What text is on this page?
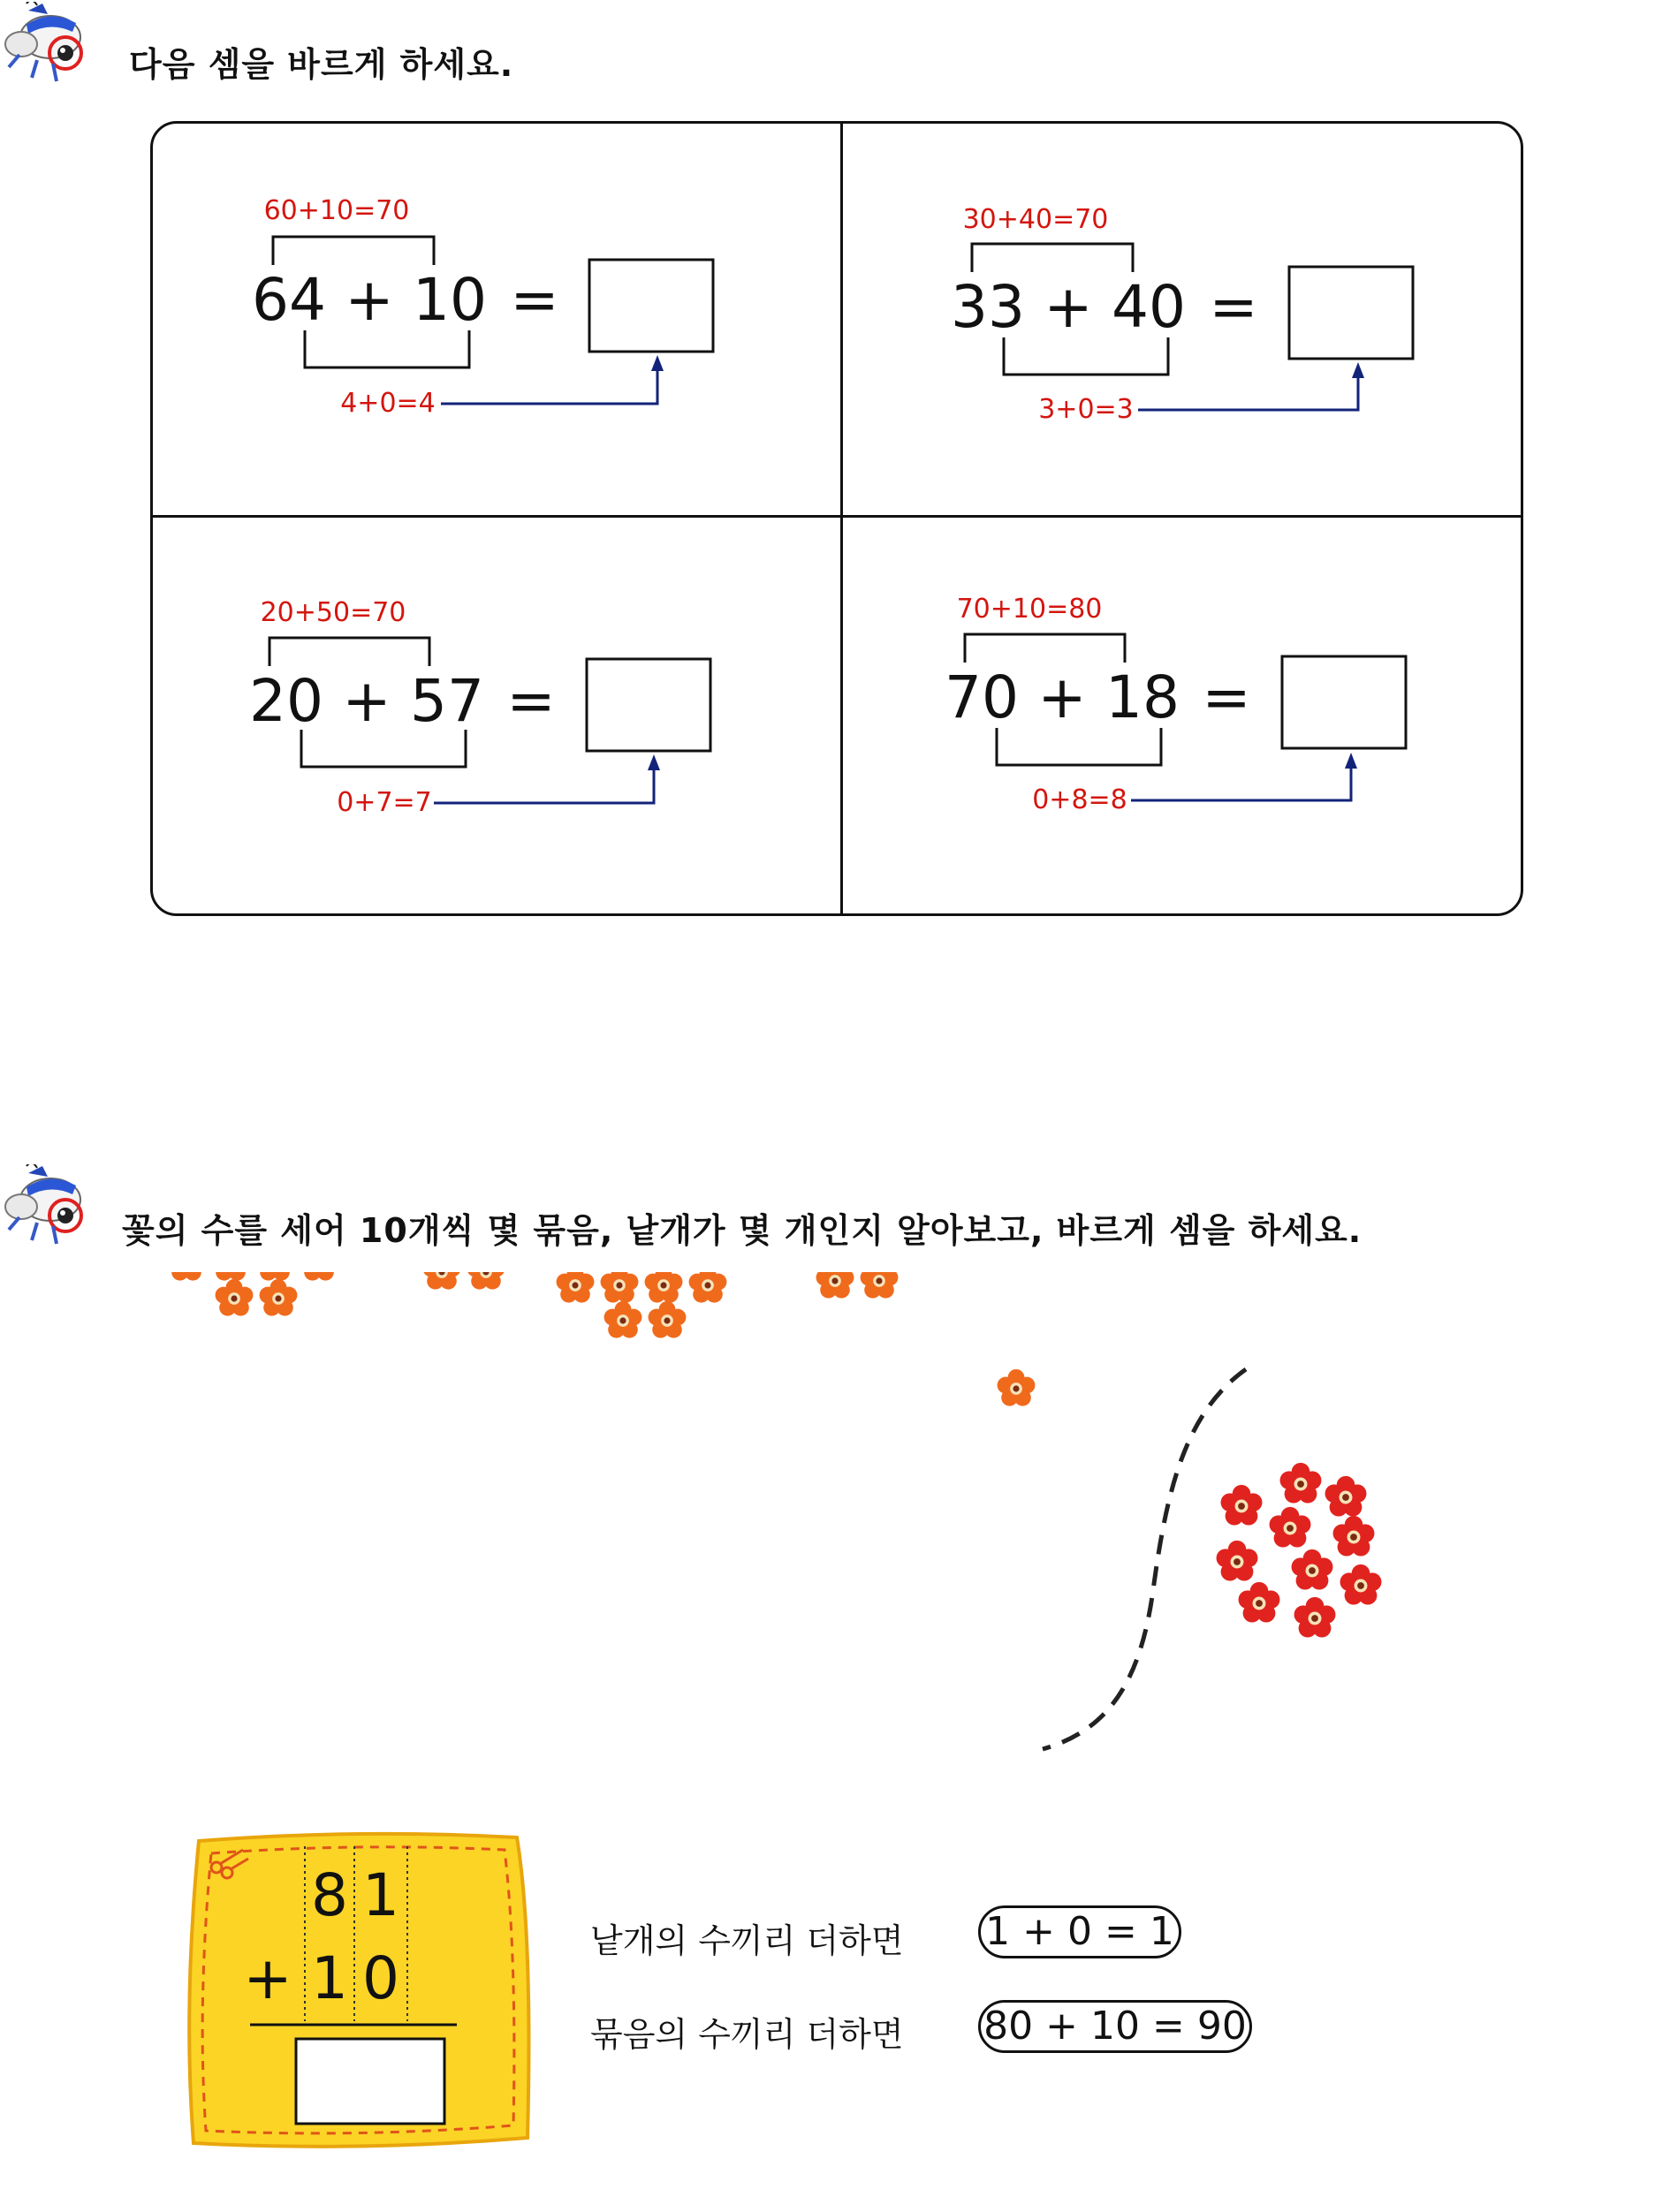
다음 셈을 바르게 하세요.
60+10=70
64 + 10 =
4+0=4
30+40=70
33 + 40 =
3+0=3
20+50=70
20 + 57 =
0+7=7
70+10=80
70 + 18 =
0+8=8
꽃의 수를 세어 10개씩 몇 묶음, 낱개가 몇 개인지 알아보고, 바르게 셈을 하세요.
8 1
+ 1 0
낱개의 수끼리 더하면 1 + 0 = 1
묶음의 수끼리 더하면 80 + 10 = 90
